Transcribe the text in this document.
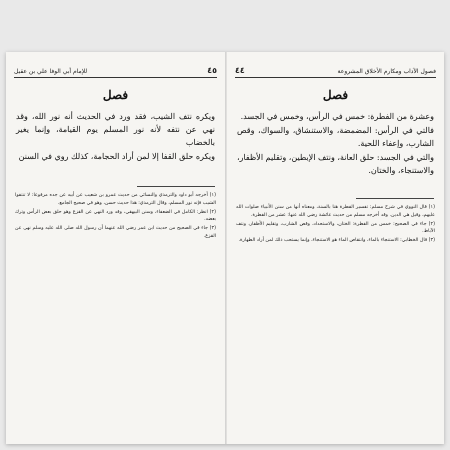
٤٥
للإمام أبي الوفا علي بن عقيل
فصل

ويكره نتف الشيب، فقد ورد في الحديث أنه نور الله، وقد نهي عن نتفه لأنه نور المسلم يوم القيامة، وإنما يغير بالخضاب

ويكره حلق القفا إلا لمن أراد الحجامة، كذلك روي في السنن

(١) أخرجه أبو داود والترمذي والنسائي من حديث عمرو بن شعيب عن أبيه عن جده مرفوعا: لا تنتفوا الشيب فإنه نور المسلم، وقال الترمذي: هذا حديث حسن، وهو في صحيح الجامع.

(٢) انظر: الكامل في الضعفاء، وسنن البيهقي، وقد ورد النهي عن القزع وهو حلق بعض الرأس وترك بعضه.

(٣) جاء في الصحيح من حديث ابن عمر رضي الله عنهما أن رسول الله صلى الله عليه وسلم نهى عن القزع.

فصول الآداب ومكارم الأخلاق المشروعة
٤٤
فصل

وعشرة من الفطرة: خمس في الرأس، وخمس في الجسد.

فالتي في الرأس: المضمضة، والاستنشاق، والسواك، وقص الشارب، وإعفاء اللحية.

والتي في الجسد: حلق العانة، ونتف الإبطين، وتقليم الأظفار، والاستنجاء، والختان.

(١) قال النووي في شرح مسلم: تفسير الفطرة هنا بالسنة، ومعناه أنها من سنن الأنبياء صلوات الله عليهم، وقيل هي الدين. وقد أخرجه مسلم من حديث عائشة رضي الله عنها: عشر من الفطرة.

(٢) جاء في الصحيح: خمس من الفطرة: الختان، والاستحداد، وقص الشارب، وتقليم الأظفار، ونتف الآباط.

(٣) قال الخطابي: الاستنجاء بالماء، وانتقاص الماء هو الاستنجاء، وإنما يستحب ذلك لمن أراد الطهارة.
